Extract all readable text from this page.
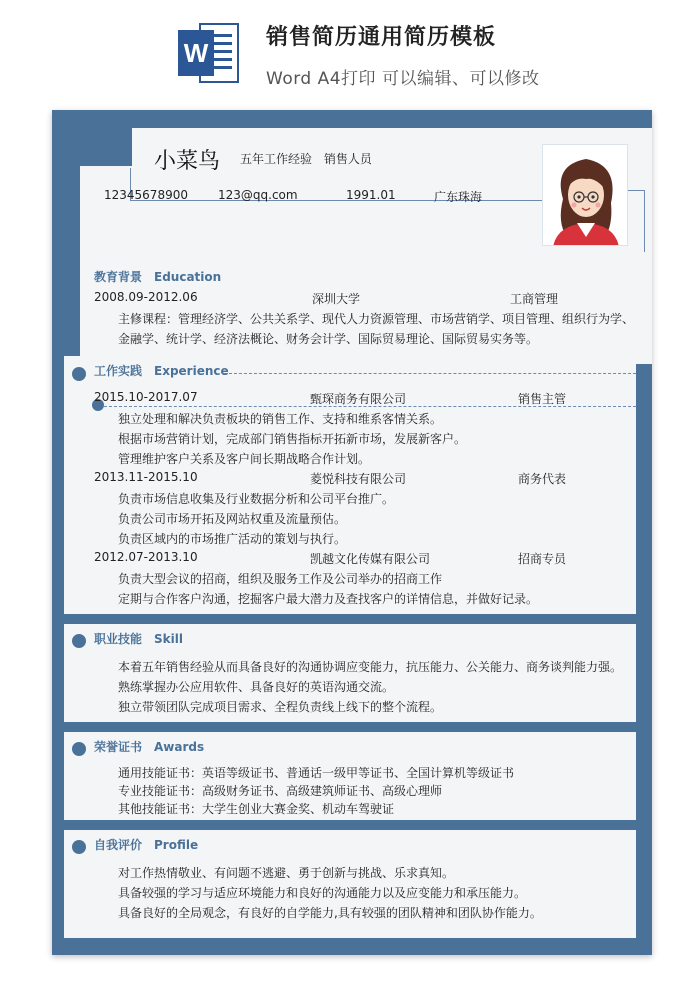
W
销售简历通用简历模板
Word A4打印 可以编辑、可以修改
小菜鸟 五年工作经验 销售人员
12345678900	123@qq.com	1991.01	广东珠海
教育背景 Education
2008.09-2012.06	深圳大学	工商管理
主修课程：管理经济学、公共关系学、现代人力资源管理、市场营销学、项目管理、组织行为学、
金融学、统计学、经济法概论、财务会计学、国际贸易理论、国际贸易实务等。
工作实践 Experience
2015.10-2017.07	甄琛商务有限公司	销售主管
独立处理和解决负责板块的销售工作、支持和维系客情关系。
根据市场营销计划，完成部门销售指标开拓新市场，发展新客户。
管理维护客户关系及客户间长期战略合作计划。
2013.11-2015.10	菱悦科技有限公司	商务代表
负责市场信息收集及行业数据分析和公司平台推广。
负责公司市场开拓及网站权重及流量预估。
负责区域内的市场推广活动的策划与执行。
2012.07-2013.10	凯越文化传媒有限公司	招商专员
负责大型会议的招商，组织及服务工作及公司举办的招商工作
定期与合作客户沟通，挖掘客户最大潜力及查找客户的详情信息，并做好记录。
职业技能 Skill
本着五年销售经验从而具备良好的沟通协调应变能力，抗压能力、公关能力、商务谈判能力强。
熟练掌握办公应用软件、具备良好的英语沟通交流。
独立带领团队完成项目需求、全程负责线上线下的整个流程。
荣誉证书 Awards
通用技能证书：英语等级证书、普通话一级甲等证书、全国计算机等级证书
专业技能证书：高级财务证书、高级建筑师证书、高级心理师
其他技能证书：大学生创业大赛金奖、机动车驾驶证
自我评价 Profile
对工作热情敬业、有问题不逃避、勇于创新与挑战、乐求真知。
具备较强的学习与适应环境能力和良好的沟通能力以及应变能力和承压能力。
具备良好的全局观念，有良好的自学能力,具有较强的团队精神和团队协作能力。
